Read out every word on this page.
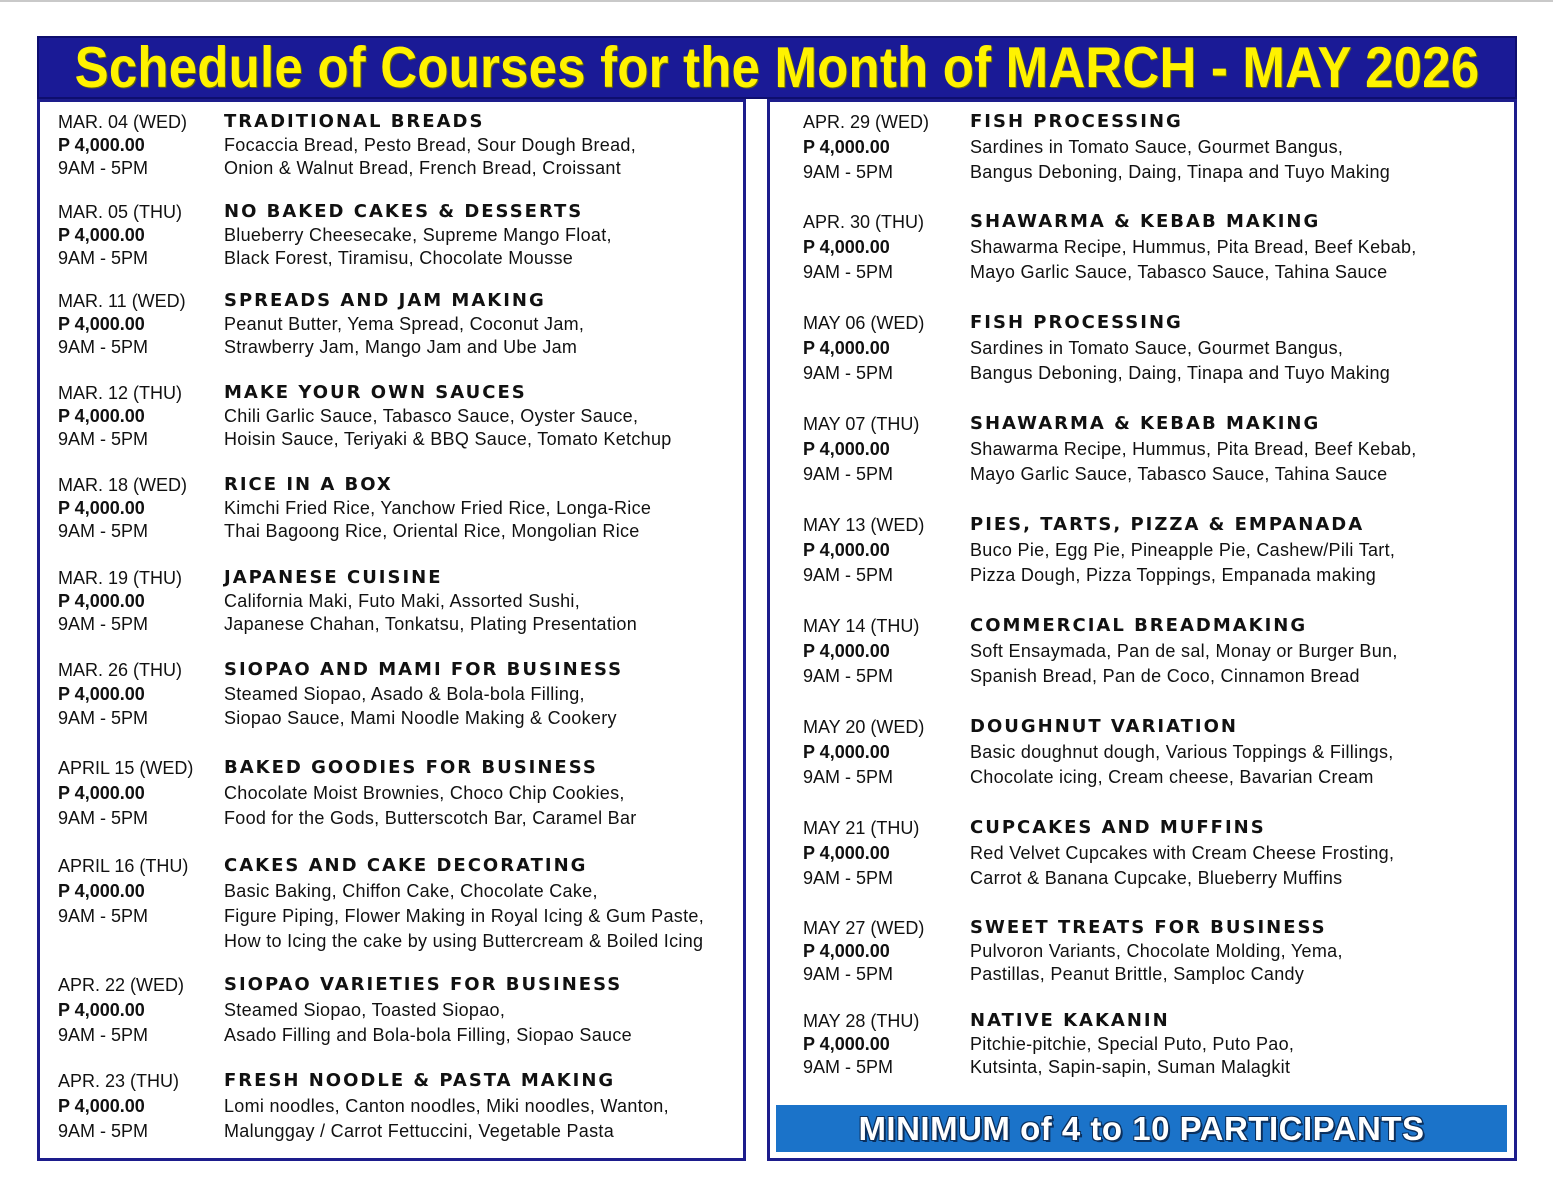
Schedule of Courses for the Month of MARCH - MAY 2026
MAR. 04 (WED)
P 4,000.00
9AM - 5PM
TRADITIONAL BREADS
Focaccia Bread, Pesto Bread, Sour Dough Bread,
Onion & Walnut Bread, French Bread, Croissant
MAR. 05 (THU)
P 4,000.00
9AM - 5PM
NO BAKED CAKES & DESSERTS
Blueberry Cheesecake, Supreme Mango Float,
Black Forest, Tiramisu, Chocolate Mousse
MAR. 11 (WED)
P 4,000.00
9AM - 5PM
SPREADS AND JAM MAKING
Peanut Butter, Yema Spread, Coconut Jam,
Strawberry Jam, Mango Jam and Ube Jam
MAR. 12 (THU)
P 4,000.00
9AM - 5PM
MAKE YOUR OWN SAUCES
Chili Garlic Sauce, Tabasco Sauce, Oyster Sauce,
Hoisin Sauce, Teriyaki & BBQ Sauce, Tomato Ketchup
MAR. 18 (WED)
P 4,000.00
9AM - 5PM
RICE IN A BOX
Kimchi Fried Rice, Yanchow Fried Rice, Longa-Rice
Thai Bagoong Rice, Oriental Rice, Mongolian Rice
MAR. 19 (THU)
P 4,000.00
9AM - 5PM
JAPANESE CUISINE
California Maki, Futo Maki, Assorted Sushi,
Japanese Chahan, Tonkatsu, Plating Presentation
MAR. 26 (THU)
P 4,000.00
9AM - 5PM
SIOPAO AND MAMI FOR BUSINESS
Steamed Siopao, Asado & Bola-bola Filling,
Siopao Sauce, Mami Noodle Making & Cookery
APRIL 15 (WED)
P 4,000.00
9AM - 5PM
BAKED GOODIES FOR BUSINESS
Chocolate Moist Brownies, Choco Chip Cookies,
Food for the Gods, Butterscotch Bar, Caramel Bar
APRIL 16 (THU)
P 4,000.00
9AM - 5PM
CAKES AND CAKE DECORATING
Basic Baking, Chiffon Cake, Chocolate Cake,
Figure Piping, Flower Making in Royal Icing & Gum Paste,
How to Icing the cake by using Buttercream & Boiled Icing
APR. 22 (WED)
P 4,000.00
9AM - 5PM
SIOPAO VARIETIES FOR BUSINESS
Steamed Siopao, Toasted Siopao,
Asado Filling and Bola-bola Filling, Siopao Sauce
APR. 23 (THU)
P 4,000.00
9AM - 5PM
FRESH NOODLE & PASTA MAKING
Lomi noodles, Canton noodles, Miki noodles, Wanton,
Malunggay / Carrot Fettuccini, Vegetable Pasta
APR. 29 (WED)
P 4,000.00
9AM - 5PM
FISH PROCESSING
Sardines in Tomato Sauce, Gourmet Bangus,
Bangus Deboning, Daing, Tinapa and Tuyo Making
APR. 30 (THU)
P 4,000.00
9AM - 5PM
SHAWARMA & KEBAB MAKING
Shawarma Recipe, Hummus, Pita Bread, Beef Kebab,
Mayo Garlic Sauce, Tabasco Sauce, Tahina Sauce
MAY 06 (WED)
P 4,000.00
9AM - 5PM
FISH PROCESSING
Sardines in Tomato Sauce, Gourmet Bangus,
Bangus Deboning, Daing, Tinapa and Tuyo Making
MAY 07 (THU)
P 4,000.00
9AM - 5PM
SHAWARMA & KEBAB MAKING
Shawarma Recipe, Hummus, Pita Bread, Beef Kebab,
Mayo Garlic Sauce, Tabasco Sauce, Tahina Sauce
MAY 13 (WED)
P 4,000.00
9AM - 5PM
PIES, TARTS, PIZZA & EMPANADA
Buco Pie, Egg Pie, Pineapple Pie, Cashew/Pili Tart,
Pizza Dough, Pizza Toppings, Empanada making
MAY 14 (THU)
P 4,000.00
9AM - 5PM
COMMERCIAL BREADMAKING
Soft Ensaymada, Pan de sal, Monay or Burger Bun,
Spanish Bread, Pan de Coco, Cinnamon Bread
MAY 20 (WED)
P 4,000.00
9AM - 5PM
DOUGHNUT VARIATION
Basic doughnut dough, Various Toppings & Fillings,
Chocolate icing, Cream cheese, Bavarian Cream
MAY 21 (THU)
P 4,000.00
9AM - 5PM
CUPCAKES AND MUFFINS
Red Velvet Cupcakes with Cream Cheese Frosting,
Carrot & Banana Cupcake, Blueberry Muffins
MAY 27 (WED)
P 4,000.00
9AM - 5PM
SWEET TREATS FOR BUSINESS
Pulvoron Variants, Chocolate Molding, Yema,
Pastillas, Peanut Brittle, Samploc Candy
MAY 28 (THU)
P 4,000.00
9AM - 5PM
NATIVE KAKANIN
Pitchie-pitchie, Special Puto, Puto Pao,
Kutsinta, Sapin-sapin, Suman Malagkit
MINIMUM of 4 to 10 PARTICIPANTS
